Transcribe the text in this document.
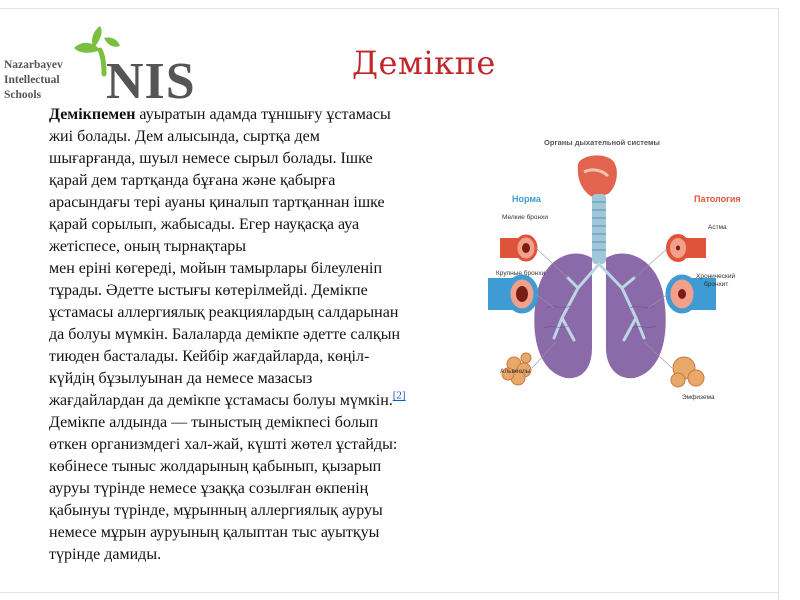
Nazarbayev
Intellectual
Schools	NIS	Демікпе
Демікпемен ауыратын адамда тұншығу ұстамасы
жиі болады. Дем алысында, сыртқа дем
шығарғанда, шуыл немесе сырыл болады. Ішке
қарай дем тартқанда бұғана және қабырға
арасындағы тері ауаны қиналып тартқаннан ішке
қарай сорылып, жабысады. Егер науқасқа ауа
жетіспесе, оның тырнақтары
мен еріні көгереді, мойын тамырлары білеуленіп
тұрады. Әдетте ыстығы көтерілмейді. Демікпе
ұстамасы аллергиялық реакциялардың салдарынан
да болуы мүмкін. Балаларда демікпе әдетте салқын
тиюден басталады. Кейбір жағдайларда, көңіл-
күйдің бұзылуынан да немесе мазасыз
жағдайлардан да демікпе ұстамасы болуы мүмкін.[2]
Демікпе алдында — тыныстың демікпесі болып
өткен организмдегі хал-жай, күшті жөтел ұстайды:
көбінесе тыныс жолдарының қабынып, қызарып
ауруы түрінде немесе ұзаққа созылған өкпенің
қабынуы түрінде, мұрынның аллергиялық ауруы
немесе мұрын ауруының қалыптан тыс ауытқуы
түрінде дамиды.
Органы дыхательной системы
Норма	Патология
Мелкие бронхи
Крупные бронхи
Альвеолы
Астма
Хронический
бронхит
Эмфизема
